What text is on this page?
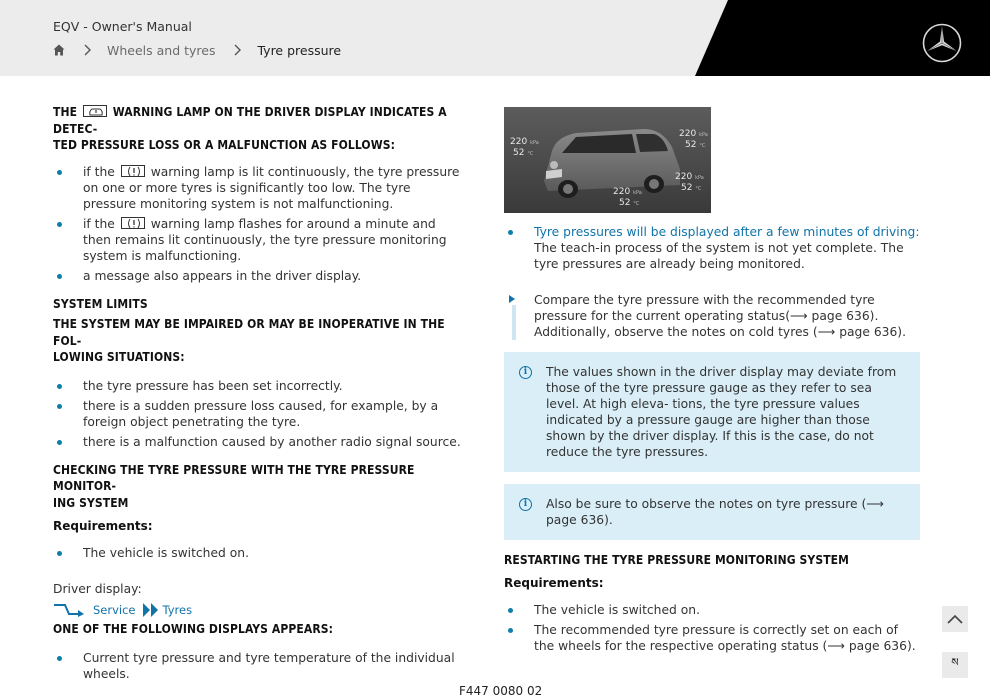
EQV - Owner's Manual
Wheels and tyres	Tyre pressure
THE	WARNING LAMP ON THE DRIVER DISPLAY INDICATES A DETEC-
TED PRESSURE LOSS OR A MALFUNCTION AS FOLLOWS:
if the	warning lamp is lit continuously, the tyre pressure on one or more tyres is significantly too low. The tyre pressure monitoring system is not malfunctioning.
if the	warning lamp flashes for around a minute and then remains lit continuously, the tyre pressure monitoring system is malfunctioning.
a message also appears in the driver display.
SYSTEM LIMITS
THE SYSTEM MAY BE IMPAIRED OR MAY BE INOPERATIVE IN THE FOL-
LOWING SITUATIONS:
the tyre pressure has been set incorrectly.
there is a sudden pressure loss caused, for example, by a foreign object penetrating the tyre.
there is a malfunction caused by another radio signal source.
CHECKING THE TYRE PRESSURE WITH THE TYRE PRESSURE MONITOR-
ING SYSTEM
Requirements:
The vehicle is switched on.
Driver display:
Service Tyres
ONE OF THE FOLLOWING DISPLAYS APPEARS:
Current tyre pressure and tyre temperature of the individual wheels.
220 kPa
52 °C
220 kPa
52 °C
220 kPa
52 °C
220 kPa
52 °C
Tyre pressures will be displayed after a few minutes of driving: The teach-in process of the system is not yet complete. The tyre pressures are already being monitored.
Compare the tyre pressure with the recommended tyre pressure for the current operating status(⟶ page 636). Additionally, observe the notes on cold tyres (⟶ page 636).
i	The values shown in the driver display may deviate from those of the tyre pressure gauge as they refer to sea level. At high eleva- tions, the tyre pressure values indicated by a pressure gauge are higher than those shown by the driver display. If this is the case, do not reduce the tyre pressures.
i	Also be sure to observe the notes on tyre pressure (⟶ page 636).
RESTARTING THE TYRE PRESSURE MONITORING SYSTEM
Requirements:
The vehicle is switched on.
The recommended tyre pressure is correctly set on each of the wheels for the respective operating status (⟶ page 636).
ས
F447 0080 02
